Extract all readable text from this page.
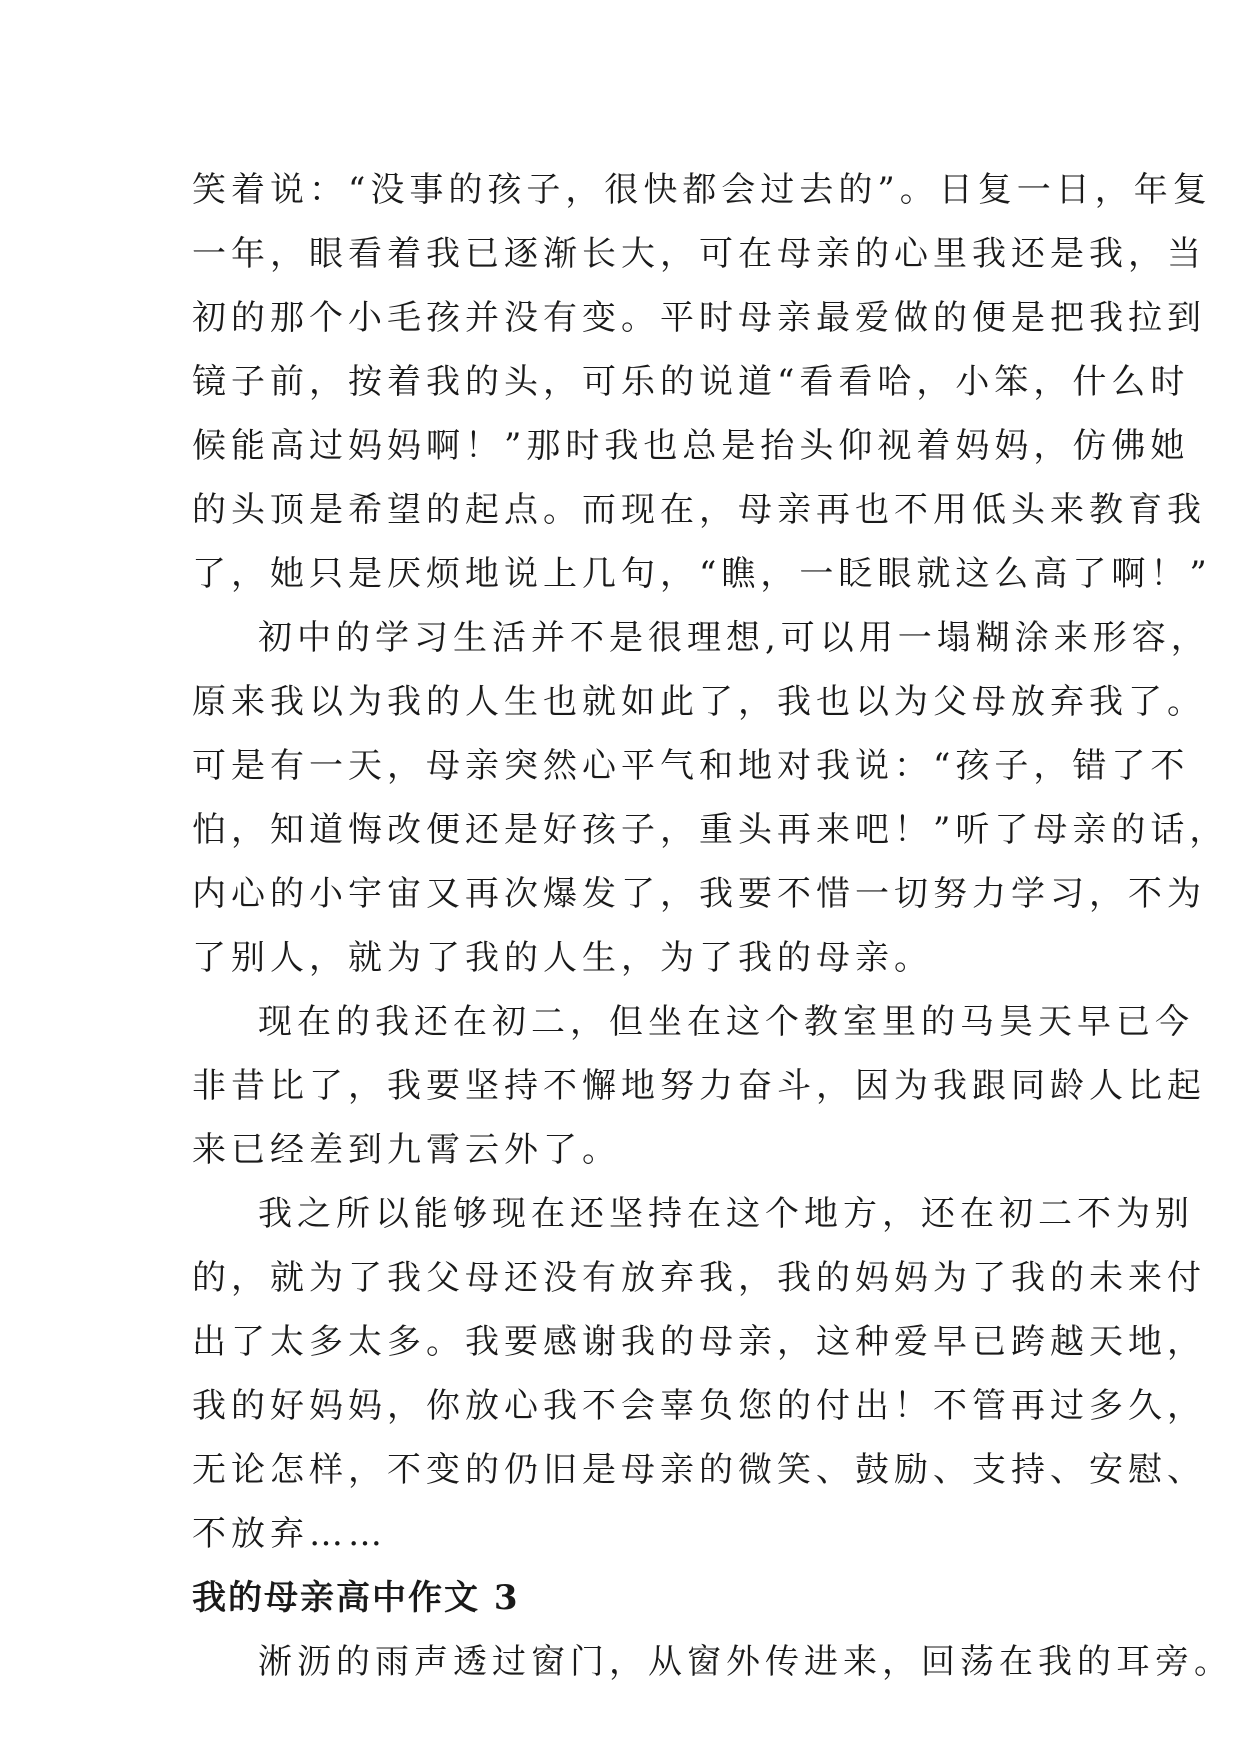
笑着说：“没事的孩子，很快都会过去的”。日复一日，年复
一年，眼看着我已逐渐长大，可在母亲的心里我还是我，当
初的那个小毛孩并没有变。平时母亲最爱做的便是把我拉到
镜子前，按着我的头，可乐的说道“看看哈，小笨，什么时
候能高过妈妈啊！”那时我也总是抬头仰视着妈妈，仿佛她
的头顶是希望的起点。而现在，母亲再也不用低头来教育我
了，她只是厌烦地说上几句，“瞧，一眨眼就这么高了啊！”
初中的学习生活并不是很理想,可以用一塌糊涂来形容，
原来我以为我的人生也就如此了，我也以为父母放弃我了。
可是有一天，母亲突然心平气和地对我说：“孩子，错了不
怕，知道悔改便还是好孩子，重头再来吧！”听了母亲的话，
内心的小宇宙又再次爆发了，我要不惜一切努力学习，不为
了别人，就为了我的人生，为了我的母亲。
现在的我还在初二，但坐在这个教室里的马昊天早已今
非昔比了，我要坚持不懈地努力奋斗，因为我跟同龄人比起
来已经差到九霄云外了。
我之所以能够现在还坚持在这个地方，还在初二不为别
的，就为了我父母还没有放弃我，我的妈妈为了我的未来付
出了太多太多。我要感谢我的母亲，这种爱早已跨越天地，
我的好妈妈，你放心我不会辜负您的付出！不管再过多久，
无论怎样，不变的仍旧是母亲的微笑、鼓励、支持、安慰、
不放弃……
我的母亲高中作文 3
淅沥的雨声透过窗门，从窗外传进来，回荡在我的耳旁。
